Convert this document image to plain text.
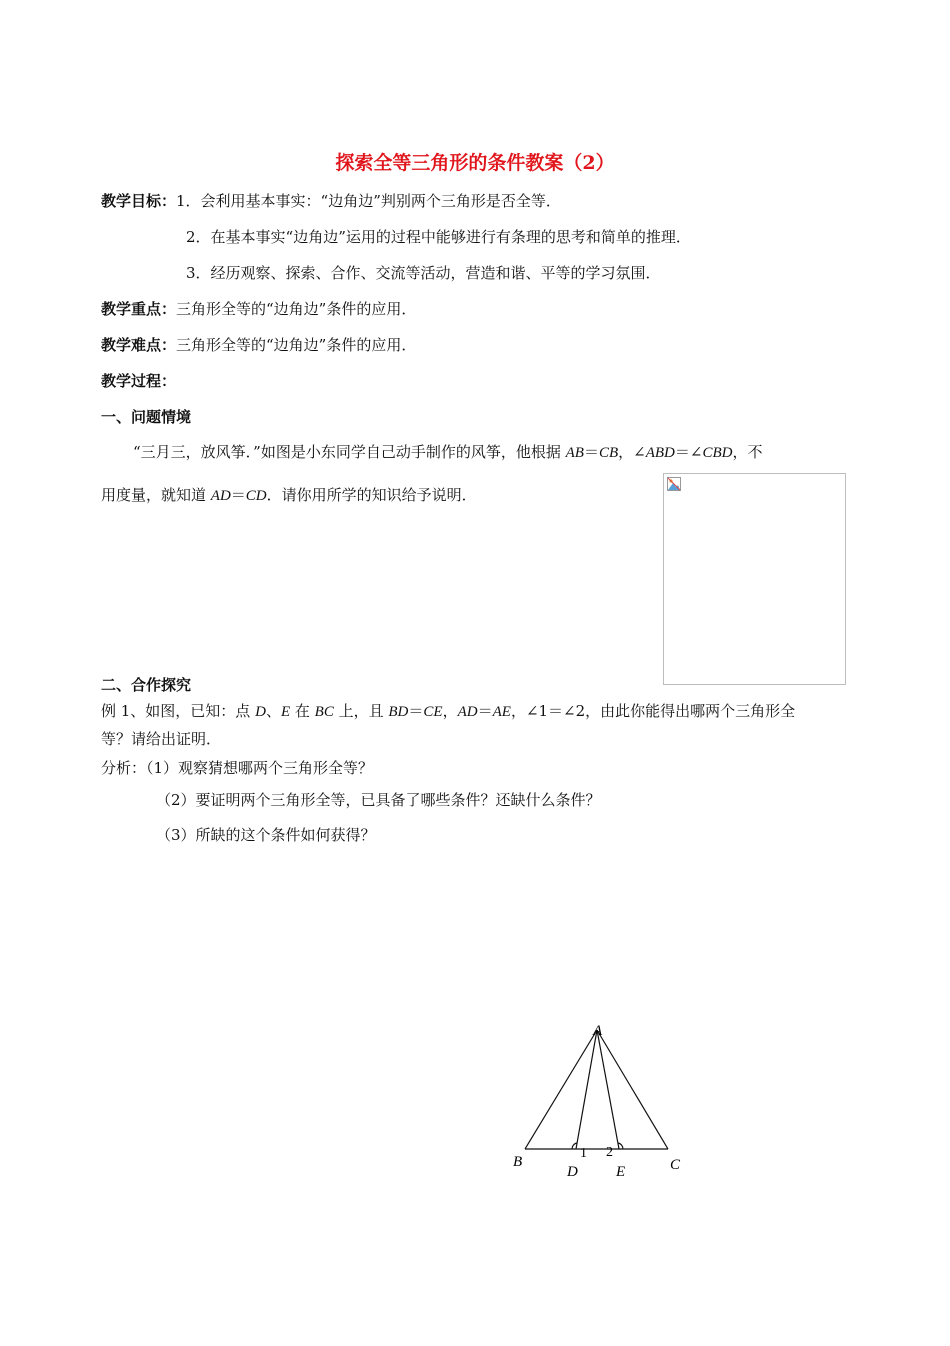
探索全等三角形的条件教案（2）
教学目标：1．会利用基本事实：“边角边”判别两个三角形是否全等．
2．在基本事实“边角边”运用的过程中能够进行有条理的思考和简单的推理．
3．经历观察、探索、合作、交流等活动，营造和谐、平等的学习氛围．
教学重点：三角形全等的“边角边”条件的应用．
教学难点：三角形全等的“边角边”条件的应用．
教学过程：
一、问题情境
“三月三，放风筝．”如图是小东同学自己动手制作的风筝，他根据 AB＝CB，∠ABD＝∠CBD，不
用度量，就知道 AD＝CD．请你用所学的知识给予说明．
二、合作探究
例 1、如图，已知：点 D、E 在 BC 上，且 BD＝CE，AD＝AE，∠1＝∠2，由此你能得出哪两个三角形全
等？请给出证明．
分析：（1）观察猜想哪两个三角形全等？
（2）要证明两个三角形全等，已具备了哪些条件？还缺什么条件？
（3）所缺的这个条件如何获得？
A
B	C
D	E
1 2
